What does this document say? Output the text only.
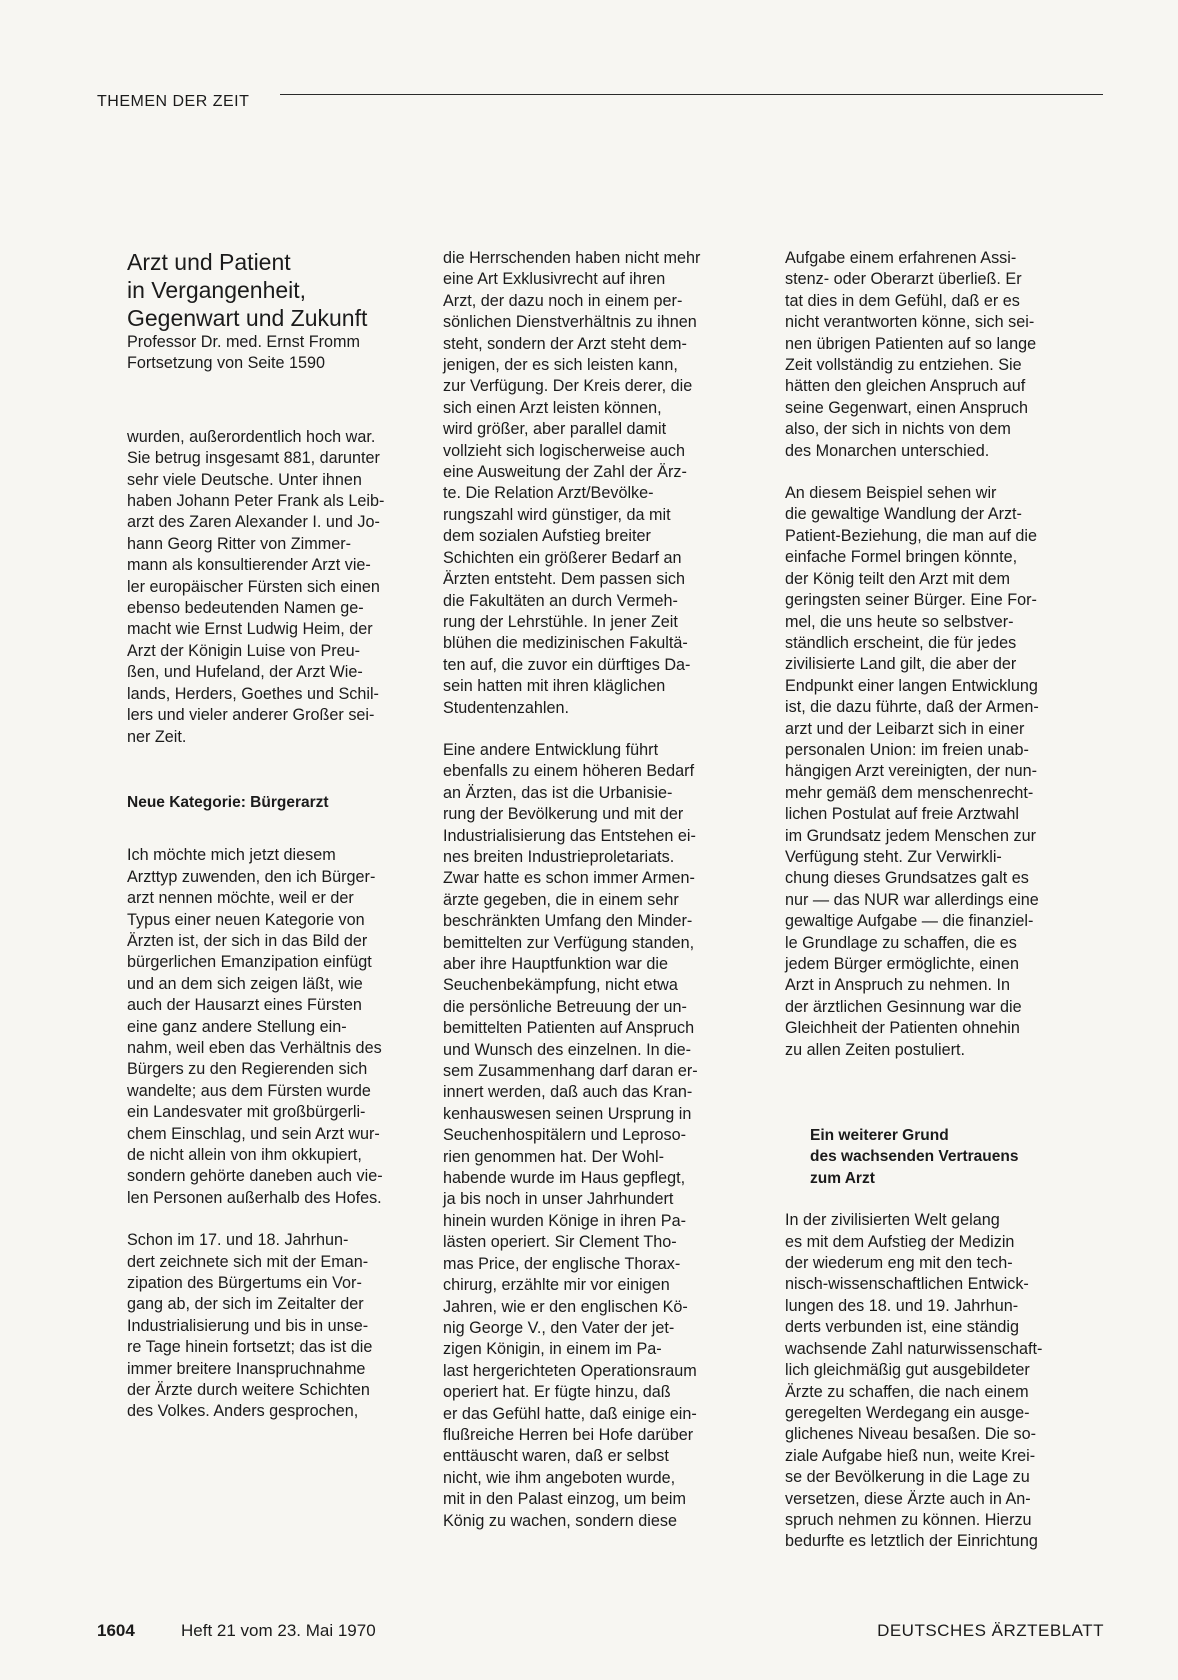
THEMEN DER ZEIT
Arzt und Patient
in Vergangenheit,
Gegenwart und Zukunft

Professor Dr. med. Ernst Fromm

Fortsetzung von Seite 1590

wurden, außerordentlich hoch war.
Sie betrug insgesamt 881, darunter
sehr viele Deutsche. Unter ihnen
haben Johann Peter Frank als Leib-
arzt des Zaren Alexander I. und Jo-
hann Georg Ritter von Zimmer-
mann als konsultierender Arzt vie-
ler europäischer Fürsten sich einen
ebenso bedeutenden Namen ge-
macht wie Ernst Ludwig Heim, der
Arzt der Königin Luise von Preu-
ßen, und Hufeland, der Arzt Wie-
lands, Herders, Goethes und Schil-
lers und vieler anderer Großer sei-
ner Zeit.

Neue Kategorie: Bürgerarzt

Ich möchte mich jetzt diesem
Arzttyp zuwenden, den ich Bürger-
arzt nennen möchte, weil er der
Typus einer neuen Kategorie von
Ärzten ist, der sich in das Bild der
bürgerlichen Emanzipation einfügt
und an dem sich zeigen läßt, wie
auch der Hausarzt eines Fürsten
eine ganz andere Stellung ein-
nahm, weil eben das Verhältnis des
Bürgers zu den Regierenden sich
wandelte; aus dem Fürsten wurde
ein Landesvater mit großbürgerli-
chem Einschlag, und sein Arzt wur-
de nicht allein von ihm okkupiert,
sondern gehörte daneben auch vie-
len Personen außerhalb des Hofes.

Schon im 17. und 18. Jahrhun-
dert zeichnete sich mit der Eman-
zipation des Bürgertums ein Vor-
gang ab, der sich im Zeitalter der
Industrialisierung und bis in unse-
re Tage hinein fortsetzt; das ist die
immer breitere Inanspruchnahme
der Ärzte durch weitere Schichten
des Volkes. Anders gesprochen,

die Herrschenden haben nicht mehr
eine Art Exklusivrecht auf ihren
Arzt, der dazu noch in einem per-
sönlichen Dienstverhältnis zu ihnen
steht, sondern der Arzt steht dem-
jenigen, der es sich leisten kann,
zur Verfügung. Der Kreis derer, die
sich einen Arzt leisten können,
wird größer, aber parallel damit
vollzieht sich logischerweise auch
eine Ausweitung der Zahl der Ärz-
te. Die Relation Arzt/Bevölke-
rungszahl wird günstiger, da mit
dem sozialen Aufstieg breiter
Schichten ein größerer Bedarf an
Ärzten entsteht. Dem passen sich
die Fakultäten an durch Vermeh-
rung der Lehrstühle. In jener Zeit
blühen die medizinischen Fakultä-
ten auf, die zuvor ein dürftiges Da-
sein hatten mit ihren kläglichen
Studentenzahlen.

Eine andere Entwicklung führt
ebenfalls zu einem höheren Bedarf
an Ärzten, das ist die Urbanisie-
rung der Bevölkerung und mit der
Industrialisierung das Entstehen ei-
nes breiten Industrieproletariats.
Zwar hatte es schon immer Armen-
ärzte gegeben, die in einem sehr
beschränkten Umfang den Minder-
bemittelten zur Verfügung standen,
aber ihre Hauptfunktion war die
Seuchenbekämpfung, nicht etwa
die persönliche Betreuung der un-
bemittelten Patienten auf Anspruch
und Wunsch des einzelnen. In die-
sem Zusammenhang darf daran er-
innert werden, daß auch das Kran-
kenhauswesen seinen Ursprung in
Seuchenhospitälern und Leproso-
rien genommen hat. Der Wohl-
habende wurde im Haus gepflegt,
ja bis noch in unser Jahrhundert
hinein wurden Könige in ihren Pa-
lästen operiert. Sir Clement Tho-
mas Price, der englische Thorax-
chirurg, erzählte mir vor einigen
Jahren, wie er den englischen Kö-
nig George V., den Vater der jet-
zigen Königin, in einem im Pa-
last hergerichteten Operationsraum
operiert hat. Er fügte hinzu, daß
er das Gefühl hatte, daß einige ein-
flußreiche Herren bei Hofe darüber
enttäuscht waren, daß er selbst
nicht, wie ihm angeboten wurde,
mit in den Palast einzog, um beim
König zu wachen, sondern diese

Aufgabe einem erfahrenen Assi-
stenz- oder Oberarzt überließ. Er
tat dies in dem Gefühl, daß er es
nicht verantworten könne, sich sei-
nen übrigen Patienten auf so lange
Zeit vollständig zu entziehen. Sie
hätten den gleichen Anspruch auf
seine Gegenwart, einen Anspruch
also, der sich in nichts von dem
des Monarchen unterschied.

An diesem Beispiel sehen wir
die gewaltige Wandlung der Arzt-
Patient-Beziehung, die man auf die
einfache Formel bringen könnte,
der König teilt den Arzt mit dem
geringsten seiner Bürger. Eine For-
mel, die uns heute so selbstver-
ständlich erscheint, die für jedes
zivilisierte Land gilt, die aber der
Endpunkt einer langen Entwicklung
ist, die dazu führte, daß der Armen-
arzt und der Leibarzt sich in einer
personalen Union: im freien unab-
hängigen Arzt vereinigten, der nun-
mehr gemäß dem menschenrecht-
lichen Postulat auf freie Arztwahl
im Grundsatz jedem Menschen zur
Verfügung steht. Zur Verwirkli-
chung dieses Grundsatzes galt es
nur — das NUR war allerdings eine
gewaltige Aufgabe — die finanziel-
le Grundlage zu schaffen, die es
jedem Bürger ermöglichte, einen
Arzt in Anspruch zu nehmen. In
der ärztlichen Gesinnung war die
Gleichheit der Patienten ohnehin
zu allen Zeiten postuliert.

Ein weiterer Grund
des wachsenden Vertrauens
zum Arzt

In der zivilisierten Welt gelang
es mit dem Aufstieg der Medizin
der wiederum eng mit den tech-
nisch-wissenschaftlichen Entwick-
lungen des 18. und 19. Jahrhun-
derts verbunden ist, eine ständig
wachsende Zahl naturwissenschaft-
lich gleichmäßig gut ausgebildeter
Ärzte zu schaffen, die nach einem
geregelten Werdegang ein ausge-
glichenes Niveau besaßen. Die so-
ziale Aufgabe hieß nun, weite Krei-
se der Bevölkerung in die Lage zu
versetzen, diese Ärzte auch in An-
spruch nehmen zu können. Hierzu
bedurfte es letztlich der Einrichtung

1604	Heft 21 vom 23. Mai 1970	DEUTSCHES ÄRZTEBLATT
